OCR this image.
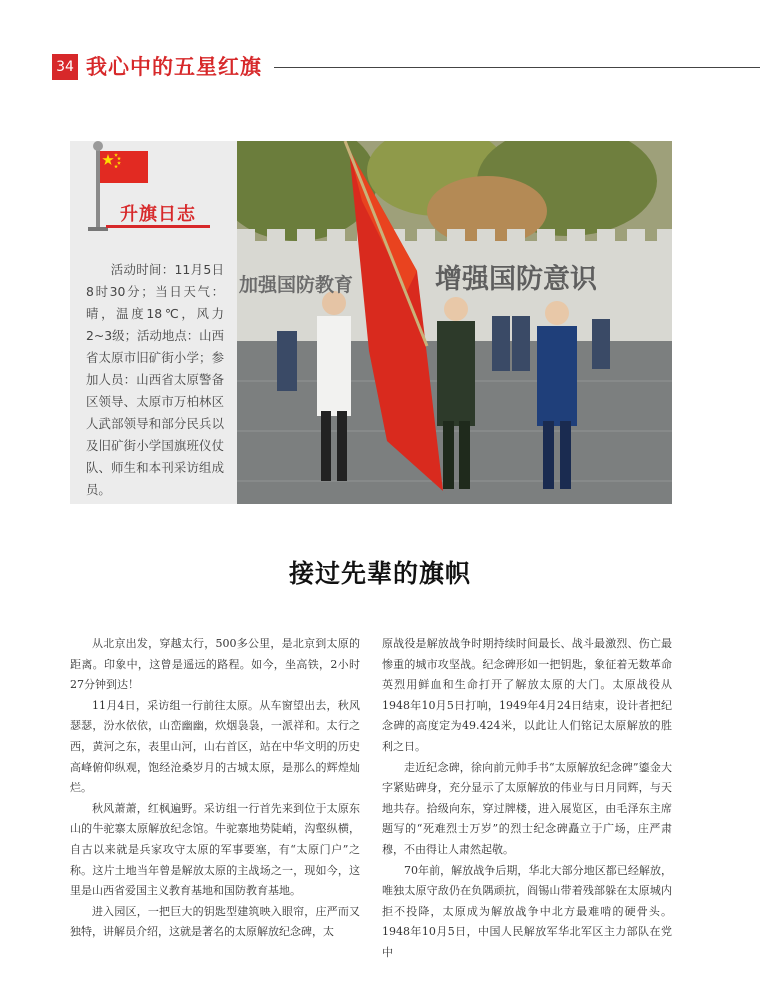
34 我心中的五星红旗
升旗日志
活动时间：11月5日8时30分；当日天气：晴，温度18℃，风力2~3级；活动地点：山西省太原市旧矿街小学；参加人员：山西省太原警备区领导、太原市万柏林区人武部领导和部分民兵以及旧矿街小学国旗班仪仗队、师生和本刊采访组成员。
加强国防教育	增强国防意识
接过先辈的旗帜

从北京出发，穿越太行，500多公里，是北京到太原的距离。印象中，这曾是遥远的路程。如今，坐高铁，2小时27分钟到达！

11月4日，采访组一行前往太原。从车窗望出去，秋风瑟瑟，汾水依依，山峦幽幽，炊烟袅袅，一派祥和。太行之西，黄河之东，表里山河，山右首区，站在中华文明的历史高峰俯仰纵观，饱经沧桑岁月的古城太原，是那么的辉煌灿烂。

秋风萧萧，红枫遍野。采访组一行首先来到位于太原东山的牛驼寨太原解放纪念馆。牛驼寨地势陡峭，沟壑纵横，自古以来就是兵家攻守太原的军事要塞，有“太原门户”之称。这片土地当年曾是解放太原的主战场之一，现如今，这里是山西省爱国主义教育基地和国防教育基地。

进入园区，一把巨大的钥匙型建筑映入眼帘，庄严而又独特，讲解员介绍，这就是著名的太原解放纪念碑，太

原战役是解放战争时期持续时间最长、战斗最激烈、伤亡最惨重的城市攻坚战。纪念碑形如一把钥匙，象征着无数革命英烈用鲜血和生命打开了解放太原的大门。太原战役从1948年10月5日打响，1949年4月24日结束，设计者把纪念碑的高度定为49.424米，以此让人们铭记太原解放的胜利之日。

走近纪念碑，徐向前元帅手书“太原解放纪念碑”鎏金大字紧贴碑身，充分显示了太原解放的伟业与日月同辉，与天地共存。拾级向东，穿过牌楼，进入展览区，由毛泽东主席题写的“死难烈士万岁”的烈士纪念碑矗立于广场，庄严肃穆，不由得让人肃然起敬。

70年前，解放战争后期，华北大部分地区都已经解放，唯独太原守敌仍在负隅顽抗，阎锡山带着残部躲在太原城内拒不投降，太原成为解放战争中北方最难啃的硬骨头。1948年10月5日，中国人民解放军华北军区主力部队在党中
